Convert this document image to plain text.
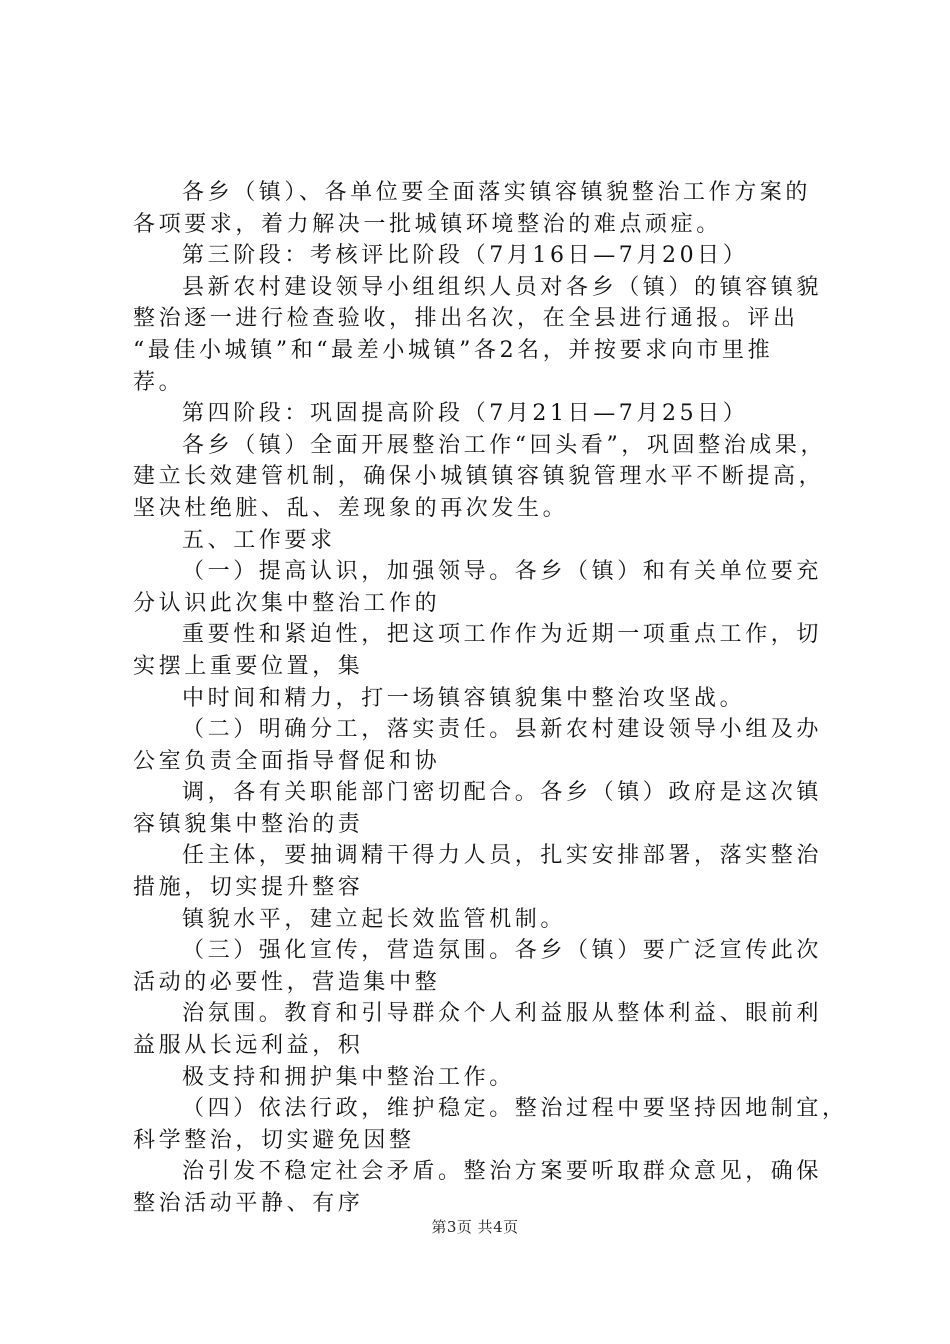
各乡（镇）、各单位要全面落实镇容镇貌整治工作方案的
各项要求，着力解决一批城镇环境整治的难点顽症。
第三阶段：考核评比阶段（7月16日—7月20日）
县新农村建设领导小组组织人员对各乡（镇）的镇容镇貌
整治逐一进行检查验收，排出名次，在全县进行通报。评出
“最佳小城镇”和“最差小城镇”各2名，并按要求向市里推
荐。
第四阶段：巩固提高阶段（7月21日—7月25日）
各乡（镇）全面开展整治工作“回头看”，巩固整治成果，
建立长效建管机制，确保小城镇镇容镇貌管理水平不断提高，
坚决杜绝脏、乱、差现象的再次发生。
五、工作要求
（一）提高认识，加强领导。各乡（镇）和有关单位要充
分认识此次集中整治工作的
重要性和紧迫性，把这项工作作为近期一项重点工作，切
实摆上重要位置，集
中时间和精力，打一场镇容镇貌集中整治攻坚战。
（二）明确分工，落实责任。县新农村建设领导小组及办
公室负责全面指导督促和协
调，各有关职能部门密切配合。各乡（镇）政府是这次镇
容镇貌集中整治的责
任主体，要抽调精干得力人员，扎实安排部署，落实整治
措施，切实提升整容
镇貌水平，建立起长效监管机制。
（三）强化宣传，营造氛围。各乡（镇）要广泛宣传此次
活动的必要性，营造集中整
治氛围。教育和引导群众个人利益服从整体利益、眼前利
益服从长远利益，积
极支持和拥护集中整治工作。
（四）依法行政，维护稳定。整治过程中要坚持因地制宜，
科学整治，切实避免因整
治引发不稳定社会矛盾。整治方案要听取群众意见，确保
整治活动平静、有序
第3页 共4页
